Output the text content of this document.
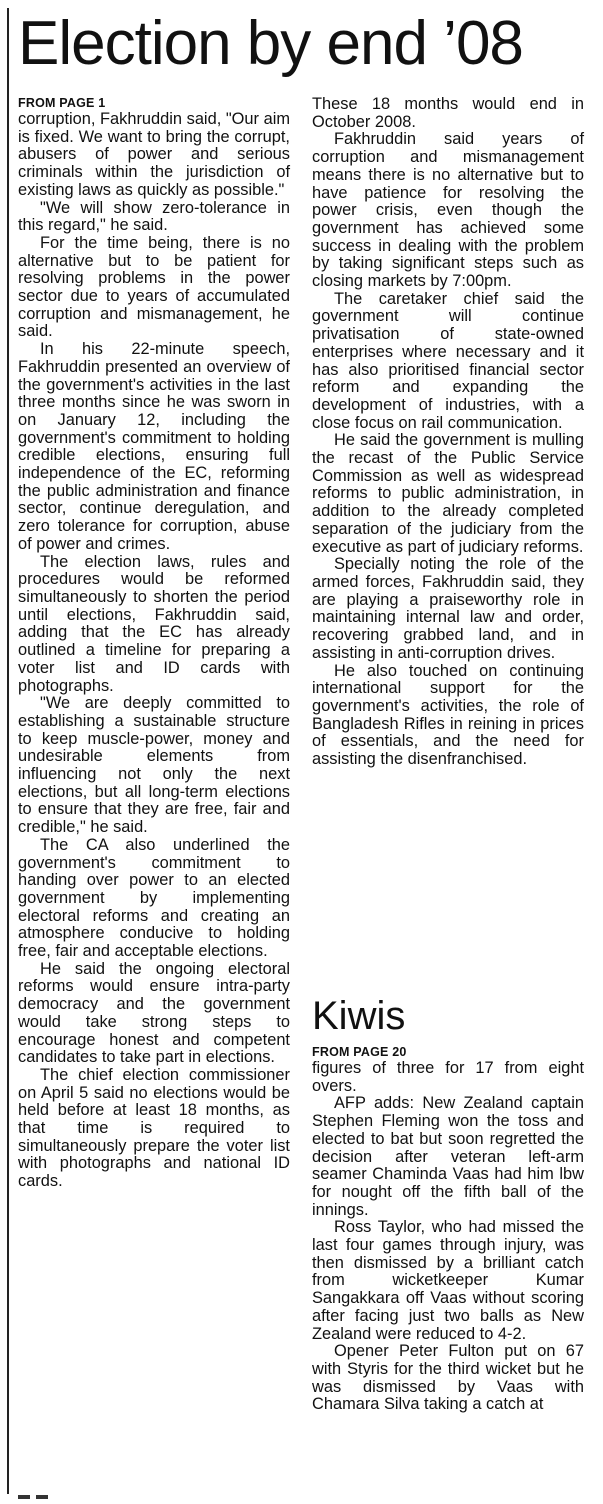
Election by end ’08

FROM PAGE 1

corruption, Fakhruddin said, "Our aim is fixed. We want to bring the corrupt, abusers of power and serious criminals within the jurisdiction of existing laws as quickly as possible."

"We will show zero-tolerance in this regard," he said.

For the time being, there is no alternative but to be patient for resolving problems in the power sector due to years of accumulated corruption and mismanagement, he said.

In his 22-minute speech, Fakhruddin presented an overview of the government's activities in the last three months since he was sworn in on January 12, including the government's commitment to holding credible elections, ensuring full independence of the EC, reforming the public administration and finance sector, continue deregulation, and zero tolerance for corruption, abuse of power and crimes.

The election laws, rules and procedures would be reformed simultaneously to shorten the period until elections, Fakhruddin said, adding that the EC has already outlined a timeline for preparing a voter list and ID cards with photographs.

"We are deeply committed to establishing a sustainable structure to keep muscle-power, money and undesirable elements from influencing not only the next elections, but all long-term elections to ensure that they are free, fair and credible," he said.

The CA also underlined the government's commitment to handing over power to an elected government by implementing electoral reforms and creating an atmosphere conducive to holding free, fair and acceptable elections.

He said the ongoing electoral reforms would ensure intra-party democracy and the government would take strong steps to encourage honest and competent candidates to take part in elections.

The chief election commissioner on April 5 said no elections would be held before at least 18 months, as that time is required to simultaneously prepare the voter list with photographs and national ID cards.

These 18 months would end in October 2008.

Fakhruddin said years of corruption and mismanagement means there is no alternative but to have patience for resolving the power crisis, even though the government has achieved some success in dealing with the problem by taking significant steps such as closing markets by 7:00pm.

The caretaker chief said the government will continue privatisation of state-owned enterprises where necessary and it has also prioritised financial sector reform and expanding the development of industries, with a close focus on rail communication.

He said the government is mulling the recast of the Public Service Commission as well as widespread reforms to public administration, in addition to the already completed separation of the judiciary from the executive as part of judiciary reforms.

Specially noting the role of the armed forces, Fakhruddin said, they are playing a praiseworthy role in maintaining internal law and order, recovering grabbed land, and in assisting in anti-corruption drives.

He also touched on continuing international support for the government's activities, the role of Bangladesh Rifles in reining in prices of essentials, and the need for assisting the disenfranchised.

Kiwis

FROM PAGE 20

figures of three for 17 from eight overs.

AFP adds: New Zealand captain Stephen Fleming won the toss and elected to bat but soon regretted the decision after veteran left-arm seamer Chaminda Vaas had him lbw for nought off the fifth ball of the innings.

Ross Taylor, who had missed the last four games through injury, was then dismissed by a brilliant catch from wicketkeeper Kumar Sangakkara off Vaas without scoring after facing just two balls as New Zealand were reduced to 4-2.

Opener Peter Fulton put on 67 with Styris for the third wicket but he was dismissed by Vaas with Chamara Silva taking a catch at
